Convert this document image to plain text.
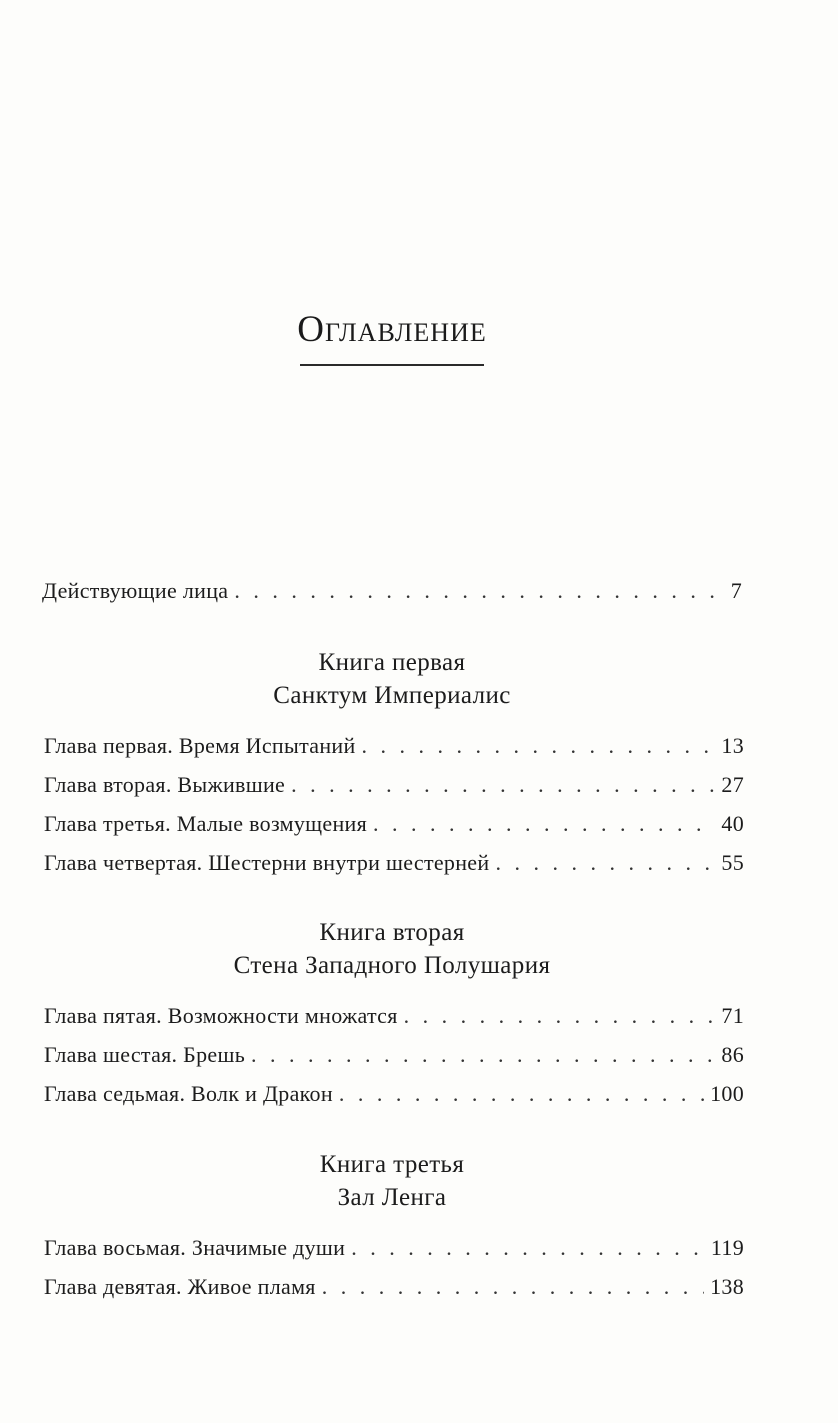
Оглавление
Действующие лица . . .	7
Книга первая
Санктум Империалис
Глава первая. Время Испытаний . . .	13
Глава вторая. Выжившие . . .	27
Глава третья. Малые возмущения . . .	40
Глава четвертая. Шестерни внутри шестерней . . .	55
Книга вторая
Стена Западного Полушария
Глава пятая. Возможности множатся . . .	71
Глава шестая. Брешь . . .	86
Глава седьмая. Волк и Дракон . . .	100
Книга третья
Зал Ленга
Глава восьмая. Значимые души . . .	119
Глава девятая. Живое пламя . . .	138
